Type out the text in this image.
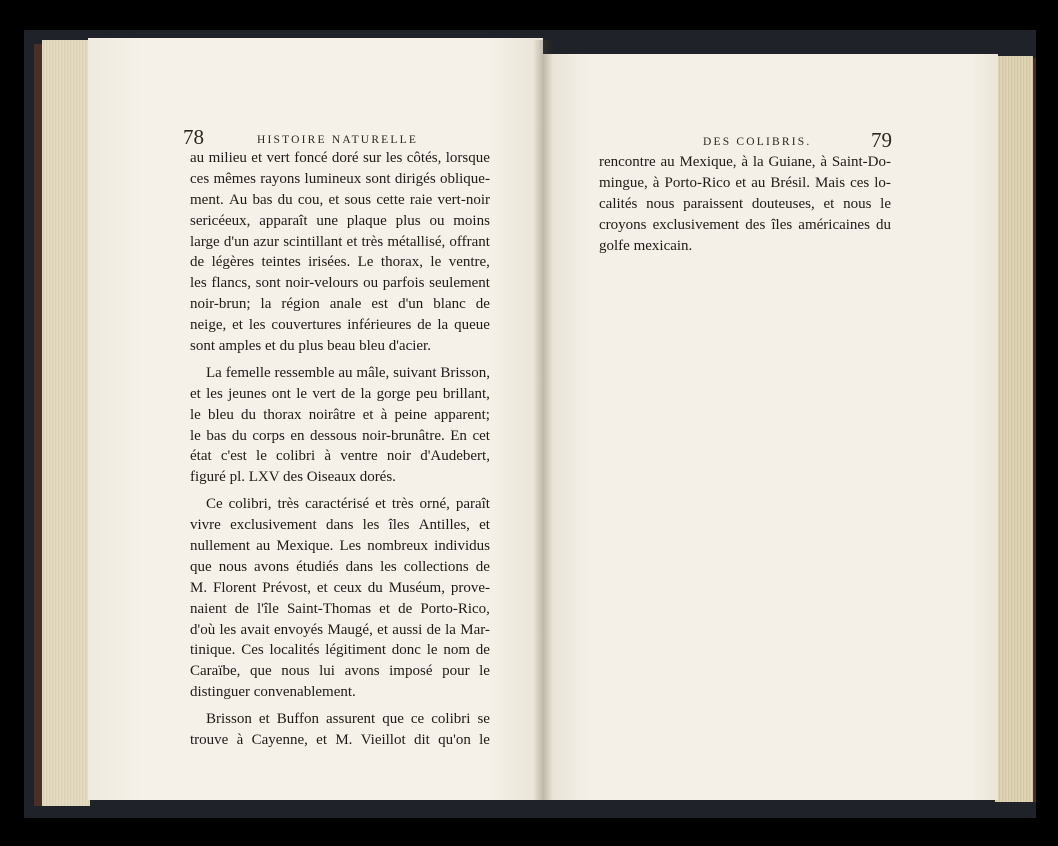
78	HISTOIRE NATURELLE	DES COLIBRIS.	79
au milieu et vert foncé doré sur les côtés, lorsque
ces mêmes rayons lumineux sont dirigés oblique-
ment. Au bas du cou, et sous cette raie vert-noir
sericéeux, apparaît une plaque plus ou moins
large d'un azur scintillant et très métallisé, offrant
de légères teintes irisées. Le thorax, le ventre,
les flancs, sont noir-velours ou parfois seulement
noir-brun; la région anale est d'un blanc de
neige, et les couvertures inférieures de la queue
sont amples et du plus beau bleu d'acier.
La femelle ressemble au mâle, suivant Brisson,
et les jeunes ont le vert de la gorge peu brillant,
le bleu du thorax noirâtre et à peine apparent;
le bas du corps en dessous noir-brunâtre. En cet
état c'est le colibri à ventre noir d'Audebert,
figuré pl. LXV des Oiseaux dorés.
Ce colibri, très caractérisé et très orné, paraît
vivre exclusivement dans les îles Antilles, et
nullement au Mexique. Les nombreux individus
que nous avons étudiés dans les collections de
M. Florent Prévost, et ceux du Muséum, prove-
naient de l'île Saint-Thomas et de Porto-Rico,
d'où les avait envoyés Maugé, et aussi de la Mar-
tinique. Ces localités légitiment donc le nom de
Caraïbe, que nous lui avons imposé pour le
distinguer convenablement.
Brisson et Buffon assurent que ce colibri se
trouve à Cayenne, et M. Vieillot dit qu'on le
rencontre au Mexique, à la Guiane, à Saint-Do-
mingue, à Porto-Rico et au Brésil. Mais ces lo-
calités nous paraissent douteuses, et nous le
croyons exclusivement des îles américaines du
golfe mexicain.
